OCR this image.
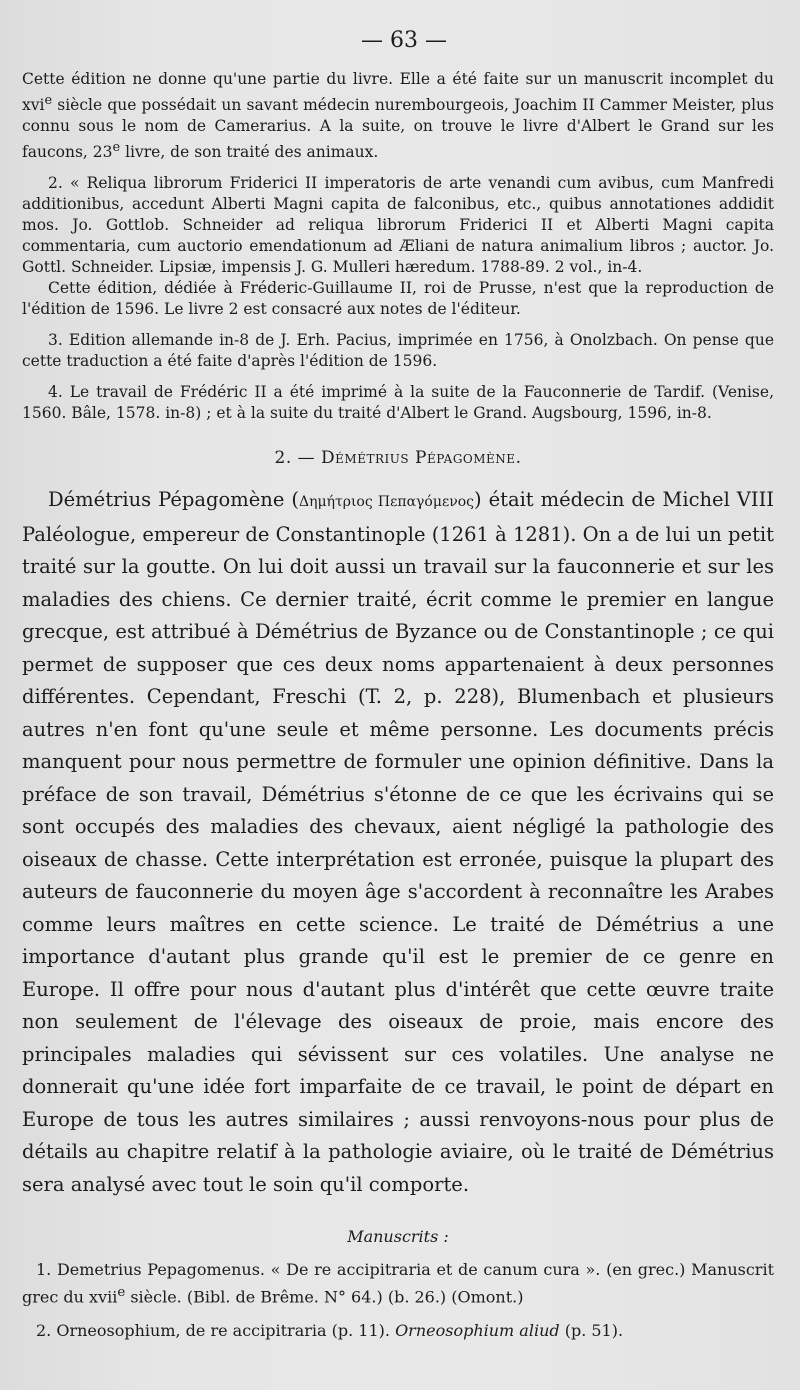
— 63 —

Cette édition ne donne qu'une partie du livre. Elle a été faite sur un manuscrit incomplet du xvi$^e$ siècle que possédait un savant médecin nurembourgeois, Joachim II Cammer Meister, plus connu sous le nom de Camerarius. A la suite, on trouve le livre d'Albert le Grand sur les faucons, 23e livre, de son traité des animaux.

2. « Reliqua librorum Friderici II imperatoris de arte venandi cum avibus, cum Manfredi additionibus, accedunt Alberti Magni capita de falconibus, etc., quibus annotationes addidit mos. Jo. Gottlob. Schneider ad reliqua librorum Friderici II et Alberti Magni capita commentaria, cum auctorio emendationum ad Æliani de natura animalium libros ; auctor. Jo. Gottl. Schneider. Lipsiæ, impensis J. G. Mulleri hæredum. 1788-89. 2 vol., in-4.

Cette édition, dédiée à Fréderic-Guillaume II, roi de Prusse, n'est que la reproduction de l'édition de 1596. Le livre 2 est consacré aux notes de l'éditeur.

3. Edition allemande in-8 de J. Erh. Pacius, imprimée en 1756, à Onolzbach. On pense que cette traduction a été faite d'après l'édition de 1596.

4. Le travail de Frédéric II a été imprimé à la suite de la Fauconnerie de Tardif. (Venise, 1560. Bâle, 1578. in-8) ; et à la suite du traité d'Albert le Grand. Augsbourg, 1596, in-8.

2. — Démétrius Pépagomène.

Démétrius Pépagomène (Δημήτριος Πεπαγόμενος) était médecin de Michel VIII Paléologue, empereur de Constantinople (1261 à 1281). On a de lui un petit traité sur la goutte. On lui doit aussi un travail sur la fauconnerie et sur les maladies des chiens. Ce dernier traité, écrit comme le premier en langue grecque, est attribué à Démétrius de Byzance ou de Constantinople ; ce qui permet de supposer que ces deux noms appartenaient à deux personnes différentes. Cependant, Freschi (T. 2, p. 228), Blumenbach et plusieurs autres n'en font qu'une seule et même personne. Les documents précis manquent pour nous permettre de formuler une opinion définitive. Dans la préface de son travail, Démétrius s'étonne de ce que les écrivains qui se sont occupés des maladies des chevaux, aient négligé la pathologie des oiseaux de chasse. Cette interprétation est erronée, puisque la plupart des auteurs de fauconnerie du moyen âge s'accordent à reconnaître les Arabes comme leurs maîtres en cette science. Le traité de Démétrius a une importance d'autant plus grande qu'il est le premier de ce genre en Europe. Il offre pour nous d'autant plus d'intérêt que cette œuvre traite non seulement de l'élevage des oiseaux de proie, mais encore des principales maladies qui sévissent sur ces volatiles. Une analyse ne donnerait qu'une idée fort imparfaite de ce travail, le point de départ en Europe de tous les autres similaires ; aussi renvoyons-nous pour plus de détails au chapitre relatif à la pathologie aviaire, où le traité de Démétrius sera analysé avec tout le soin qu'il comporte.

Manuscrits :

1. Demetrius Pepagomenus. « De re accipitraria et de canum cura ». (en grec.) Manuscrit grec du xvii$^e$ siècle. (Bibl. de Brême. N° 64.) (b. 26.) (Omont.)

2. Orneosophium, de re accipitraria (p. 11). Orneosophium aliud (p. 51).
